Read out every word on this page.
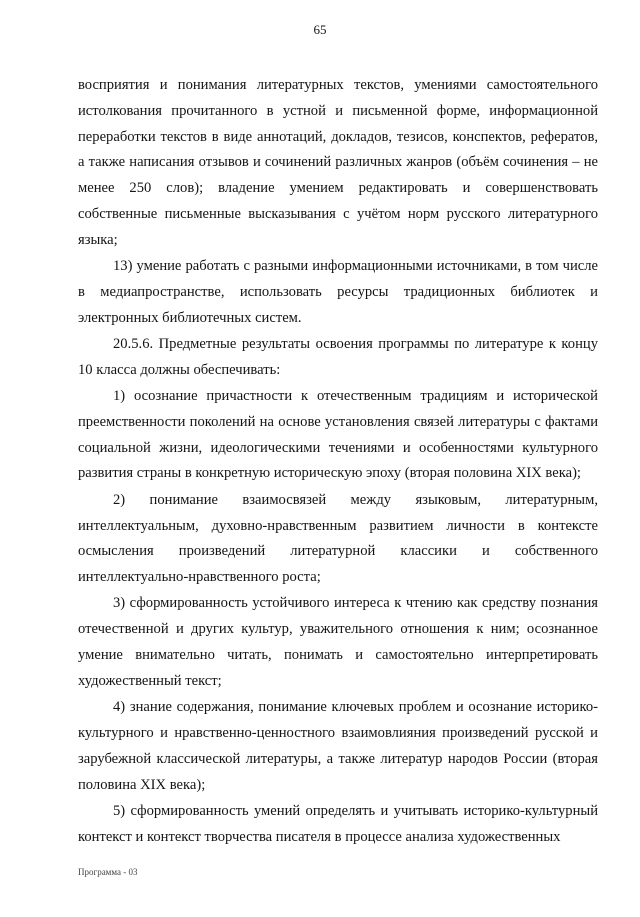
65

восприятия и понимания литературных текстов, умениями самостоятельного истолкования прочитанного в устной и письменной форме, информационной переработки текстов в виде аннотаций, докладов, тезисов, конспектов, рефератов, а также написания отзывов и сочинений различных жанров (объём сочинения – не менее 250 слов); владение умением редактировать и совершенствовать собственные письменные высказывания с учётом норм русского литературного языка;

13) умение работать с разными информационными источниками, в том числе в медиапространстве, использовать ресурсы традиционных библиотек и электронных библиотечных систем.

20.5.6. Предметные результаты освоения программы по литературе к концу 10 класса должны обеспечивать:

1) осознание причастности к отечественным традициям и исторической преемственности поколений на основе установления связей литературы с фактами социальной жизни, идеологическими течениями и особенностями культурного развития страны в конкретную историческую эпоху (вторая половина XIX века);

2) понимание взаимосвязей между языковым, литературным, интеллектуальным, духовно-нравственным развитием личности в контексте осмысления произведений литературной классики и собственного интеллектуально-нравственного роста;

3) сформированность устойчивого интереса к чтению как средству познания отечественной и других культур, уважительного отношения к ним; осознанное умение внимательно читать, понимать и самостоятельно интерпретировать художественный текст;

4) знание содержания, понимание ключевых проблем и осознание историко-культурного и нравственно-ценностного взаимовлияния произведений русской и зарубежной классической литературы, а также литератур народов России (вторая половина XIX века);

5) сформированность умений определять и учитывать историко-культурный контекст и контекст творчества писателя в процессе анализа художественных

Программа - 03
